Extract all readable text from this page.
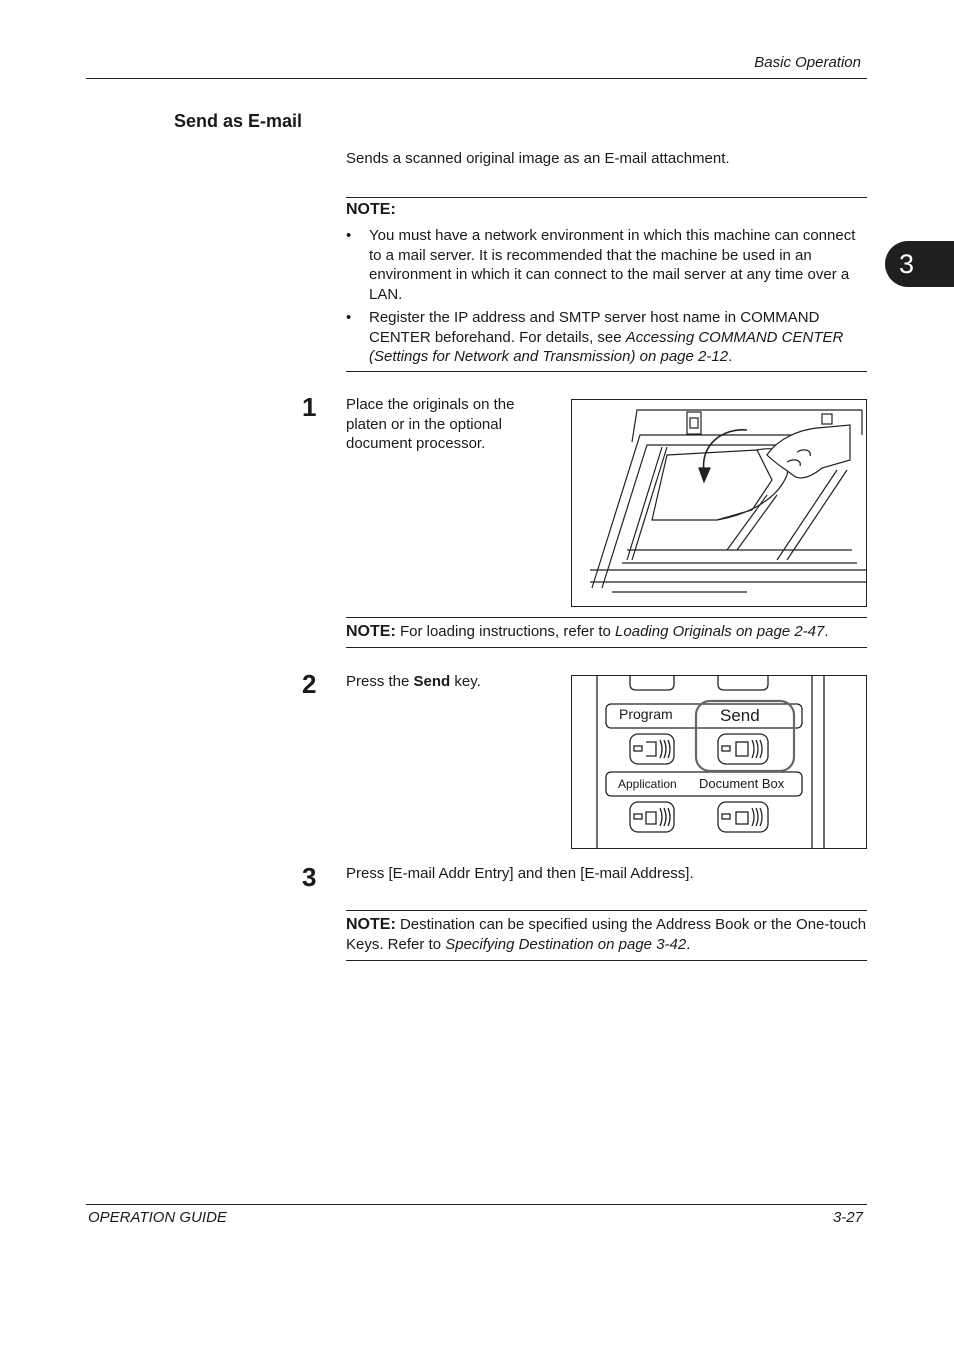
Basic Operation
3
Send as E-mail
Sends a scanned original image as an E-mail attachment.
NOTE:
• You must have a network environment in which this machine can connect to a mail server. It is recommended that the machine be used in an environment in which it can connect to the mail server at any time over a LAN.
• Register the IP address and SMTP server host name in COMMAND CENTER beforehand. For details, see Accessing COMMAND CENTER (Settings for Network and Transmission) on page 2-12.
1 Place the originals on the platen or in the optional document processor.
NOTE: For loading instructions, refer to Loading Originals on page 2-47.
2 Press the Send key.
Program	Send
Application Document Box
3 Press [E-mail Addr Entry] and then [E-mail Address].
NOTE: Destination can be specified using the Address Book or the One-touch Keys. Refer to Specifying Destination on page 3-42.
OPERATION GUIDE	3-27
